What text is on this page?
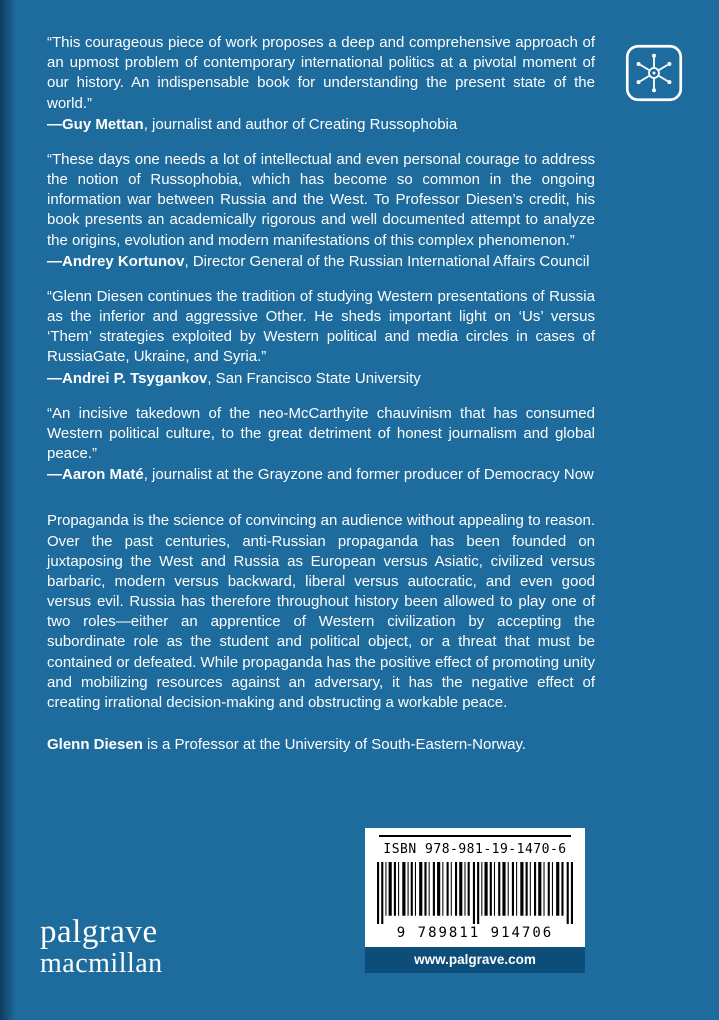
“This courageous piece of work proposes a deep and comprehensive approach of an upmost problem of contemporary international politics at a pivotal moment of our history. An indispensable book for understanding the present state of the world.”

—Guy Mettan, journalist and author of Creating Russophobia

“These days one needs a lot of intellectual and even personal courage to address the notion of Russophobia, which has become so common in the ongoing information war between Russia and the West. To Professor Diesen’s credit, his book presents an academically rigorous and well documented attempt to analyze the origins, evolution and modern manifestations of this complex phenomenon.”

—Andrey Kortunov, Director General of the Russian International Affairs Council

“Glenn Diesen continues the tradition of studying Western presentations of Russia as the inferior and aggressive Other. He sheds important light on ‘Us’ versus ‘Them’ strategies exploited by Western political and media circles in cases of RussiaGate, Ukraine, and Syria.”

—Andrei P. Tsygankov, San Francisco State University

“An incisive takedown of the neo-McCarthyite chauvinism that has consumed Western political culture, to the great detriment of honest journalism and global peace.”

—Aaron Maté, journalist at the Grayzone and former producer of Democracy Now

Propaganda is the science of convincing an audience without appealing to reason. Over the past centuries, anti-Russian propaganda has been founded on juxtaposing the West and Russia as European versus Asiatic, civilized versus barbaric, modern versus backward, liberal versus autocratic, and even good versus evil. Russia has therefore throughout history been allowed to play one of two roles—either an apprentice of Western civilization by accepting the subordinate role as the student and political object, or a threat that must be contained or defeated. While propaganda has the positive effect of promoting unity and mobilizing resources against an adversary, it has the negative effect of creating irrational decision-making and obstructing a workable peace.

Glenn Diesen is a Professor at the University of South-Eastern-Norway.

palgrave
macmillan
ISBN 978-981-19-1470-6
9 789811 914706
www.palgrave.com
